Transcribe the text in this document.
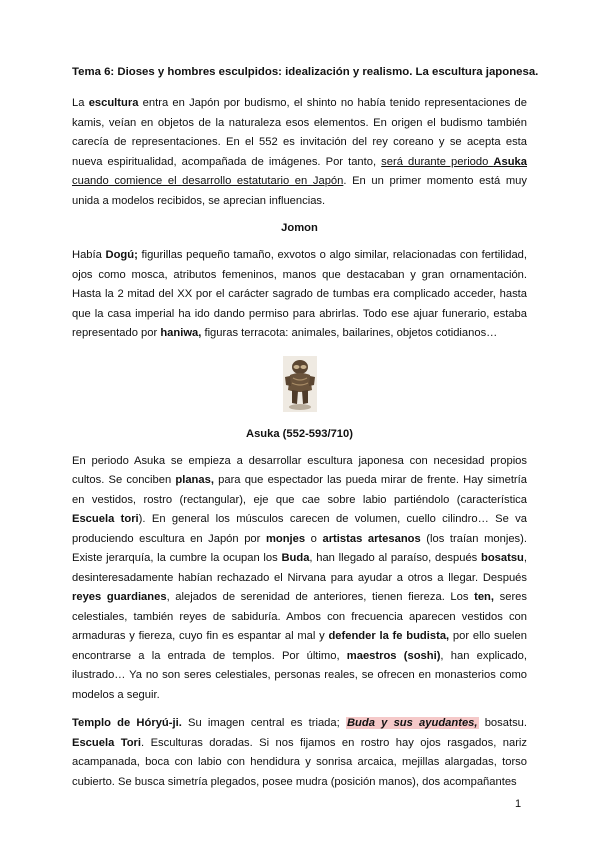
Tema 6: Dioses y hombres esculpidos: idealización y realismo. La escultura japonesa.

La escultura entra en Japón por budismo, el shinto no había tenido representaciones de kamis, veían en objetos de la naturaleza esos elementos. En origen el budismo también carecía de representaciones. En el 552 es invitación del rey coreano y se acepta esta nueva espiritualidad, acompañada de imágenes. Por tanto, será durante periodo Asuka cuando comience el desarrollo estatutario en Japón. En un primer momento está muy unida a modelos recibidos, se aprecian influencias.

Jomon

Había Dogú; figurillas pequeño tamaño, exvotos o algo similar, relacionadas con fertilidad, ojos como mosca, atributos femeninos, manos que destacaban y gran ornamentación. Hasta la 2 mitad del XX por el carácter sagrado de tumbas era complicado acceder, hasta que la casa imperial ha ido dando permiso para abrirlas. Todo ese ajuar funerario, estaba representado por haniwa, figuras terracota: animales, bailarines, objetos cotidianos…

Asuka (552-593/710)

En periodo Asuka se empieza a desarrollar escultura japonesa con necesidad propios cultos. Se conciben planas, para que espectador las pueda mirar de frente. Hay simetría en vestidos, rostro (rectangular), eje que cae sobre labio partiéndolo (característica Escuela tori). En general los músculos carecen de volumen, cuello cilindro… Se va produciendo escultura en Japón por monjes o artistas artesanos (los traían monjes). Existe jerarquía, la cumbre la ocupan los Buda, han llegado al paraíso, después bosatsu, desinteresadamente habían rechazado el Nirvana para ayudar a otros a llegar. Después reyes guardianes, alejados de serenidad de anteriores, tienen fiereza. Los ten, seres celestiales, también reyes de sabiduría. Ambos con frecuencia aparecen vestidos con armaduras y fiereza, cuyo fin es espantar al mal y defender la fe budista, por ello suelen encontrarse a la entrada de templos. Por último, maestros (soshi), han explicado, ilustrado… Ya no son seres celestiales, personas reales, se ofrecen en monasterios como modelos a seguir.

Templo de Hóryú-ji. Su imagen central es triada; Buda y sus ayudantes, bosatsu. Escuela Tori. Esculturas doradas. Si nos fijamos en rostro hay ojos rasgados, nariz acampanada, boca con labio con hendidura y sonrisa arcaica, mejillas alargadas, torso cubierto. Se busca simetría plegados, posee mudra (posición manos), dos acompañantes

1
